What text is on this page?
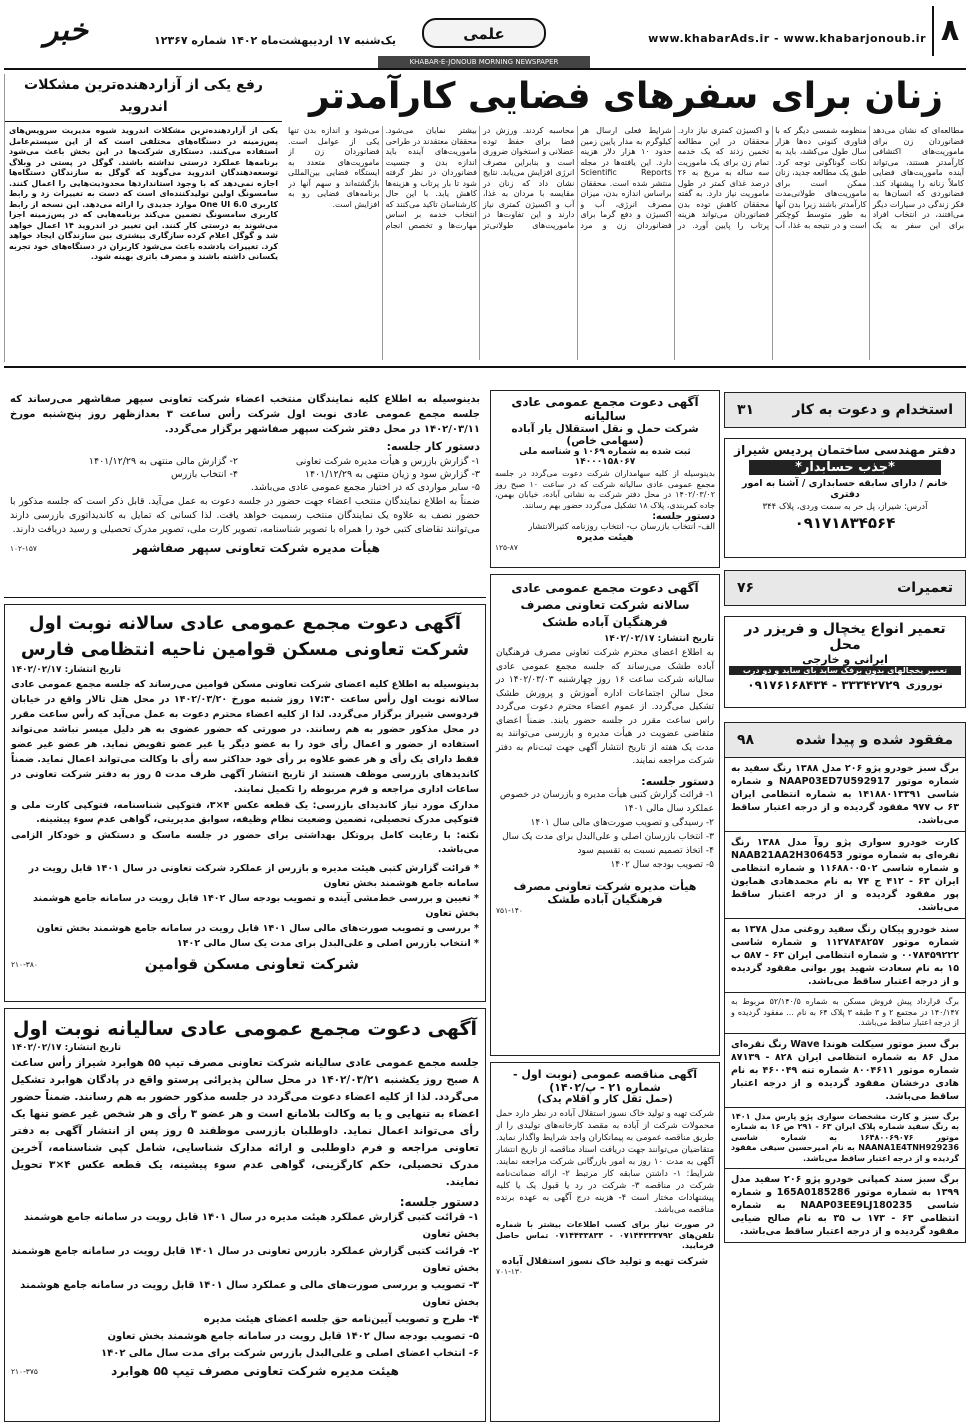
۸
www.khabarAds.ir - www.khabarjonoub.ir
علمی
یک‌شنبه ۱۷ اردیبهشت‌ماه ۱۴۰۲ شماره ۱۲۳۶۷
KHABAR-E-JONOUB MORNING NEWSPAPER
خبر
زنان برای سفرهای فضایی کارآمدتر

مطالعه‌ای که نشان می‌دهد فضانوردان زن برای ماموریت‌های اکتشافی کارآمدتر هستند، می‌تواند آینده ماموریت‌های فضایی کاملاً زنانه را پیشنهاد کند. فضانوردی که انسان‌ها به فکر زندگی در سیارات دیگر می‌افتند، در انتخاب افراد برای این سفر به یک منظومه شمسی دیگر که با فناوری کنونی ده‌ها هزار سال طول می‌کشد، باید به نکات گوناگونی توجه کرد. طبق یک مطالعه جدید، زنان ممکن است برای ماموریت‌های طولانی‌مدت کارآمدتر باشند زیرا بدن آنها به طور متوسط کوچکتر است و در نتیجه به غذا، آب و اکسیژن کمتری نیاز دارد. محققان در این مطالعه تخمین زدند که یک خدمه تمام زن برای یک ماموریت سه ساله به مریخ به ۲۶ درصد غذای کمتر در طول ماموریت نیاز دارد. به گفته محققان کاهش توده بدن فضانوردان می‌تواند هزینه پرتاب را پایین آورد. در شرایط فعلی ارسال هر کیلوگرم به مدار پایین زمین حدود ۱۰ هزار دلار هزینه دارد. این یافته‌ها در مجله Scientific Reports منتشر شده است. محققان براساس اندازه بدن، میزان مصرف انرژی، آب و اکسیژن و دفع گرما برای فضانوردان زن و مرد محاسبه کردند. ورزش در فضا برای حفظ توده عضلانی و استخوان ضروری است و بنابراین مصرف انرژی افزایش می‌یابد. نتایج نشان داد که زنان در مقایسه با مردان به غذا، آب و اکسیژن کمتری نیاز دارند و این تفاوت‌ها در ماموریت‌های طولانی‌تر بیشتر نمایان می‌شود. محققان معتقدند در طراحی ماموریت‌های آینده باید اندازه بدن و جنسیت فضانوردان در نظر گرفته شود تا بار پرتاب و هزینه‌ها کاهش یابد. با این حال کارشناسان تاکید می‌کنند که انتخاب خدمه بر اساس مهارت‌ها و تخصص انجام می‌شود و اندازه بدن تنها یکی از عوامل است. فضانوردان زن از ماموریت‌های متعدد به ایستگاه فضایی بین‌المللی بازگشته‌اند و سهم آنها در برنامه‌های فضایی رو به افزایش است.

رفع یکی از آزاردهنده‌ترین مشکلات اندروید

یکی از آزاردهنده‌ترین مشکلات اندروید شیوه مدیریت سرویس‌های پس‌زمینه در دستگاه‌های مختلفی است که از این سیستم‌عامل استفاده می‌کنند. دستکاری شرکت‌ها در این بخش باعث می‌شود برنامه‌ها عملکرد درستی نداشته باشند. گوگل در پستی در وبلاگ توسعه‌دهندگان اندروید می‌گوید که گوگل به سازندگان دستگاه‌ها اجازه نمی‌دهد که با وجود استانداردها محدودیت‌هایی را اعمال کنند. سامسونگ اولین تولیدکننده‌ای است که دست به تغییرات زد و رابط کاربری One UI 6.0 موارد جدیدی را ارائه می‌دهد. این نسخه از رابط کاربری سامسونگ تضمین می‌کند برنامه‌هایی که در پس‌زمینه اجرا می‌شوند به درستی کار کنند. این تغییر در اندروید ۱۴ اعمال خواهد شد و گوگل اعلام کرده سازگاری بیشتری بین سازندگان ایجاد خواهد کرد. تغییرات یادشده باعث می‌شود کاربران در دستگاه‌های خود تجربه یکسانی داشته باشند و مصرف باتری بهینه شود.

استخدام و دعوت به کار
۳۱
دفتر مهندسی ساختمان پردیس شیراز
*جذب حسابدار*
خانم / دارای سابقه حسابداری / آشنا به امور دفتری
آدرس: شیراز، پل حر به سمت وردی، پلاک ۳۴۴
۰۹۱۷۱۸۳۴۵۶۴
تعمیرات
۷۶
تعمیر انواع یخچال و فریزر در محل
ایرانی و خارجی
تعمیر یخچالهای بدون برفک ساید بای ساید و دو درب
نوروزی
۰۹۱۷۶۱۶۸۴۳۴ - ۳۳۳۴۲۷۲۹
مفقود شده و پیدا شده
۹۸

برگ سبز خودرو پژو ۲۰۶ مدل ۱۳۸۸ رنگ سفید به شماره موتور NAAP03ED7U592917 و شماره شاسی ۱۴۱۸۸۰۱۳۳۹۱ به شماره انتظامی ایران ۶۳ ب ۹۷۷ مفقود گردیده و از درجه اعتبار ساقط می‌باشد.

کارت خودرو سواری پژو روآ مدل ۱۳۸۸ رنگ نقره‌ای به شماره موتور NAAB21AA2H306453 و شماره شاسی ۱۱۶۸۸۰۰۵۰۲ و شماره انتظامی ایران ۶۳ - ۴۱۲ ج ۷۴ به نام محمدهادی همایون پور مفقود گردیده و از درجه اعتبار ساقط می‌باشد.

سند خودرو پیکان رنگ سفید روغنی مدل ۱۳۷۸ به شماره موتور ۱۱۲۷۸۴۸۲۵۷ و شماره شاسی ۰۰۷۸۴۵۹۲۲۲ و شماره انتظامی ایران ۶۳ - ۵۸۷ ب ۱۵ به نام سعادت شهید پور بوانی مفقود گردیده و از درجه اعتبار ساقط می‌باشد.

برگ قرارداد پیش فروش مسکن به شماره ۵۲/۱۴۰/۵ مربوط به ۱۴۰/۱۴۷ در مجتمع ۲ و ۳ طبقه ۳ پلاک ۶۴ به نام ... مفقود گردیده و از درجه اعتبار ساقط می‌باشد.

برگ سبز موتور سیکلت هوندا Wave رنگ نقره‌ای مدل ۸۶ به شماره انتظامی ایران ۸۲۸ - ۸۷۱۳۹ شماره موتور ۸۰۰۴۶۱۱ شماره تنه ۴۶۰۰۴۹ به نام هادی درخشان مفقود گردیده و از درجه اعتبار ساقط می‌باشد.

برگ سبز و کارت مشخصات سواری پژو پارس مدل ۱۴۰۱ به رنگ سفید شماره پلاک ایران ۶۳ - ۲۹۱ ص ۱۶ به شماره موتور ۱۶۴۸۰۰۶۹۰۷۶ به شماره شاسی NAANA1E4TNH929236 به نام امیرحسین سیفی مفقود گردیده و از درجه اعتبار ساقط می‌باشد.

برگ سبز سند کمپانی خودرو پژو ۲۰۶ سفید مدل ۱۳۹۹ به شماره موتور 165A0185286 و شماره شاسی NAAP03EE9LJ180235 به شماره انتظامی ۶۳ - ۱۷۳ ب ۳۵ به نام صالح ضیایی مفقود گردیده و از درجه اعتبار ساقط می‌باشد.

آگهی دعوت مجمع عمومی عادی سالیانه
شرکت حمل و نقل استقلال یار آباده (سهامی خاص)
ثبت شده به شماره ۱۰۶۹ و شناسه ملی ۱۴۰۰۰۱۵۸۰۶۷

بدینوسیله از کلیه سهامداران شرکت دعوت می‌گردد در جلسه مجمع عمومی عادی سالیانه شرکت که در ساعت ۱۰ صبح روز ۱۴۰۲/۰۳/۰۲ در محل دفتر شرکت به نشانی آباده، خیابان بهمن، جاده کمربندی، پلاک ۱۸ تشکیل می‌گردد حضور بهم رسانند.

دستور جلسه:
الف- انتخاب بازرسان ب- انتخاب روزنامه کثیرالانتشار
هیئت مدیره
۱۲۵-۸۷
آگهی دعوت مجمع عمومی عادی سالانه شرکت تعاونی مصرف فرهنگیان آباده طشک
تاریخ انتشار: ۱۴۰۲/۰۲/۱۷

به اطلاع اعضای محترم شرکت تعاونی مصرف فرهنگیان آباده طشک می‌رساند که جلسه مجمع عمومی عادی سالیانه شرکت ساعت ۱۶ روز چهارشنبه ۱۴۰۲/۰۳/۰۳ در محل سالن اجتماعات اداره آموزش و پرورش طشک تشکیل می‌گردد. از عموم اعضاء محترم دعوت می‌گردد راس ساعت مقرر در جلسه حضور یابند. ضمناً اعضای متقاضی عضویت در هیأت مدیره و بازرسی می‌توانند به مدت یک هفته از تاریخ انتشار آگهی جهت ثبت‌نام به دفتر شرکت مراجعه نمایند.

دستور جلسه:
۱- قرائت گزارش کتبی هیأت مدیره و بازرسان در خصوص عملکرد سال مالی ۱۴۰۱
۲- رسیدگی و تصویب صورت‌های مالی سال ۱۴۰۱
۳- انتخاب بازرسان اصلی و علی‌البدل برای مدت یک سال
۴- اتخاذ تصمیم نسبت به تقسیم سود
۵- تصویب بودجه سال ۱۴۰۲
هیأت مدیره شرکت تعاونی مصرف فرهنگیان آباده طشک
۷۵۱-۱۴۰
آگهی مناقصه عمومی (نوبت اول - شماره ۲۱ - پ/۱۴۰۲)
(حمل ثقل کار و اقلام یدک)

شرکت تهیه و تولید خاک نسوز استقلال آباده در نظر دارد حمل محمولات شرکت از آباده به مقصد کارخانه‌های تولیدی را از طریق مناقصه عمومی به پیمانکاران واجد شرایط واگذار نماید. متقاضیان می‌توانند جهت دریافت اسناد مناقصه از تاریخ انتشار آگهی به مدت ۱۰ روز به امور بازرگانی شرکت مراجعه نمایند. شرایط: ۱- داشتن سابقه کار مرتبط ۲- ارائه ضمانت‌نامه شرکت در مناقصه ۳- شرکت در رد یا قبول یک یا کلیه پیشنهادات مختار است ۴- هزینه درج آگهی به عهده برنده مناقصه می‌باشد.

در صورت نیاز برای کسب اطلاعات بیشتر با شماره تلفن‌های ۰۷۱۴۴۳۳۳۷۹۲ - ۰۷۱۴۴۳۳۸۳۳ تماس حاصل فرمایید.

شرکت تهیه و تولید خاک نسوز استقلال آباده
۷۰۱-۱۳۰

بدینوسیله به اطلاع کلیه نمایندگان منتخب اعضاء شرکت تعاونی سپهر صفاشهر می‌رساند که جلسه مجمع عمومی عادی نوبت اول شرکت رأس ساعت ۳ بعدازظهر روز پنج‌شنبه مورخ ۱۴۰۲/۰۳/۱۱ در محل دفتر شرکت سپهر صفاشهر برگزار می‌گردد.

دستور کار جلسه:
۱- گزارش بازرس و هیأت مدیره شرکت تعاونی
۲- گزارش مالی منتهی به ۱۴۰۱/۱۲/۲۹
۳- گزارش سود و زیان منتهی به ۱۴۰۱/۱۲/۲۹
۴- انتخاب بازرس
۵- سایر مواردی که در اختیار مجمع عمومی عادی می‌باشد.

ضمناً به اطلاع نمایندگان منتخب اعضاء جهت حضور در جلسه دعوت به عمل می‌آید. قابل ذکر است که جلسه مذکور با حضور نصف به علاوه یک نمایندگان منتخب رسمیت خواهد یافت. لذا کسانی که تمایل به کاندیداتوری بازرسی دارند می‌توانند تقاضای کتبی خود را همراه با تصویر شناسنامه، تصویر کارت ملی، تصویر مدرک تحصیلی و رسید دریافت دارند.

هیأت مدیره شرکت تعاونی سپهر صفاشهر
۱۰۲-۱۵۷
آگهی دعوت مجمع عمومی عادی سالانه نوبت اول
شرکت تعاونی مسکن قوامین ناحیه انتظامی فارس
تاریخ انتشار: ۱۴۰۲/۰۲/۱۷

بدینوسیله به اطلاع کلیه اعضای شرکت تعاونی مسکن قوامین می‌رساند که جلسه مجمع عمومی عادی سالانه نوبت اول رأس ساعت ۱۷:۳۰ روز شنبه مورخ ۱۴۰۲/۰۳/۲۰ در محل هتل تالار واقع در خیابان فردوسی شیراز برگزار می‌گردد. لذا از کلیه اعضاء محترم دعوت به عمل می‌آید که رأس ساعت مقرر در محل مذکور حضور به هم رسانند. در صورتی که حضور عضوی به هر دلیل میسر نباشد می‌تواند استفاده از حضور و اعمال رأی خود را به عضو دیگر یا غیر عضو تفویض نماید. هر عضو غیر عضو فقط دارای یک رأی و هر عضو علاوه بر رأی خود حداکثر سه رأی با وکالت می‌تواند اعمال نماید. ضمناً کاندیدهای بازرسی موظف هستند از تاریخ انتشار آگهی ظرف مدت ۵ روز به دفتر شرکت تعاونی در ساعات اداری مراجعه و فرم مربوطه را تکمیل نمایند.

مدارک مورد نیاز کاندیدای بازرسی: یک قطعه عکس ۴×۳، فتوکپی شناسنامه، فتوکپی کارت ملی و فتوکپی مدرک تحصیلی، تضمین وضعیت نظام وظیفه، سوابق مدیریتی، گواهی عدم سوء پیشینه.

نکته: با رعایت کامل پروتکل بهداشتی برای حضور در جلسه ماسک و دستکش و خودکار الزامی می‌باشد.

* قرائت گزارش کتبی هیئت مدیره و بازرس از عملکرد شرکت تعاونی در سال ۱۴۰۱ قابل رویت در سامانه جامع هوشمند بخش تعاون
* تعیین و بررسی خط‌مشی آینده و تصویب بودجه سال ۱۴۰۲ قابل رویت در سامانه جامع هوشمند بخش تعاون
* بررسی و تصویب صورت‌های مالی سال ۱۴۰۱ قابل رویت در سامانه جامع هوشمند بخش تعاون
* انتخاب بازرس اصلی و علی‌البدل برای مدت یک سال مالی ۱۴۰۲
شرکت تعاونی مسکن قوامین
۲۱۰-۳۸۰
آگهی دعوت مجمع عمومی عادی سالیانه نوبت اول
تاریخ انتشار: ۱۴۰۲/۰۲/۱۷

جلسه مجمع عمومی عادی سالیانه شرکت تعاونی مصرف تیپ ۵۵ هوابرد شیراز رأس ساعت ۸ صبح روز یکشنبه ۱۴۰۲/۰۳/۲۱ در محل سالن پذیرائی پرستو واقع در پادگان هوابرد تشکیل می‌گردد. لذا از کلیه اعضاء دعوت می‌گردد در جلسه مذکور حضور به هم رسانند. ضمناً حضور اعضاء به تنهایی و یا به وکالت بلامانع است و هر عضو ۳ رأی و هر شخص غیر عضو تنها یک رأی می‌تواند اعمال نماید. داوطلبان بازرسی موظفند ۵ روز پس از انتشار آگهی به دفتر تعاونی مراجعه و فرم داوطلبی و ارائه مدارک شناسایی، شامل کپی شناسنامه، آخرین مدرک تحصیلی، حکم کارگزینی، گواهی عدم سوء پیشینه، یک قطعه عکس ۴×۳ تحویل نمایند.

دستور جلسه:
۱- قرائت کتبی گزارش عملکرد هیئت مدیره در سال ۱۴۰۱ قابل رویت در سامانه جامع هوشمند بخش تعاون
۲- قرائت کتبی گزارش عملکرد بازرس تعاونی در سال ۱۴۰۱ قابل رویت در سامانه جامع هوشمند بخش تعاون
۳- تصویب و بررسی صورت‌های مالی و عملکرد سال ۱۴۰۱ قابل رویت در سامانه جامع هوشمند بخش تعاون
۴- طرح و تصویب آیین‌نامه حق جلسه اعضای هیئت مدیره
۵- تصویب بودجه سال ۱۴۰۲ قابل رویت در سامانه جامع هوشمند بخش تعاون
۶- انتخاب اعضای اصلی و علی‌البدل بازرس شرکت برای مدت سال مالی ۱۴۰۲
هیئت مدیره شرکت تعاونی مصرف تیپ ۵۵ هوابرد
۲۱۰-۳۷۵
